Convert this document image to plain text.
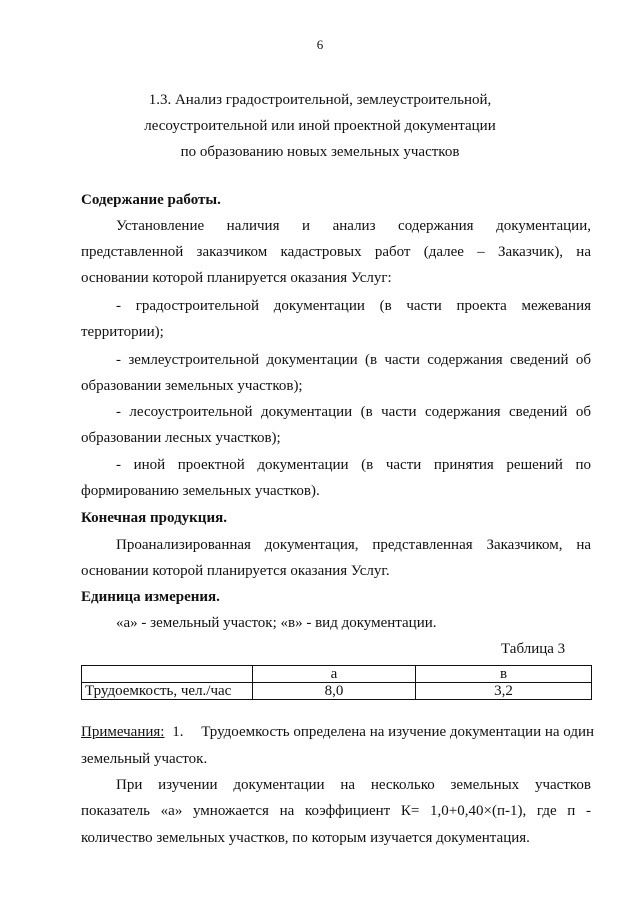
6
1.3. Анализ градостроительной, землеустроительной,
лесоустроительной или иной проектной документации
по образованию новых земельных участков
Содержание работы.
Установление наличия и анализ содержания документации,
представленной заказчиком кадастровых работ (далее – Заказчик), на
основании которой планируется оказания Услуг:
- градостроительной документации (в части проекта межевания
территории);
- землеустроительной документации (в части содержания сведений об
образовании земельных участков);
- лесоустроительной документации (в части содержания сведений об
образовании лесных участков);
- иной проектной документации (в части принятия решений по
формированию земельных участков).
Конечная продукция.
Проанализированная документация, представленная Заказчиком, на
основании которой планируется оказания Услуг.
Единица измерения.
«а» - земельный участок; «в» - вид документации.
Таблица 3
	а	в
Трудоемкость, чел./час	8,0	3,2
Примечания: 1. Трудоемкость определена на изучение документации на один
земельный участок.
При изучении документации на несколько земельных участков
показатель «а» умножается на коэффициент К= 1,0+0,40×(п-1), где п -
количество земельных участков, по которым изучается документация.
